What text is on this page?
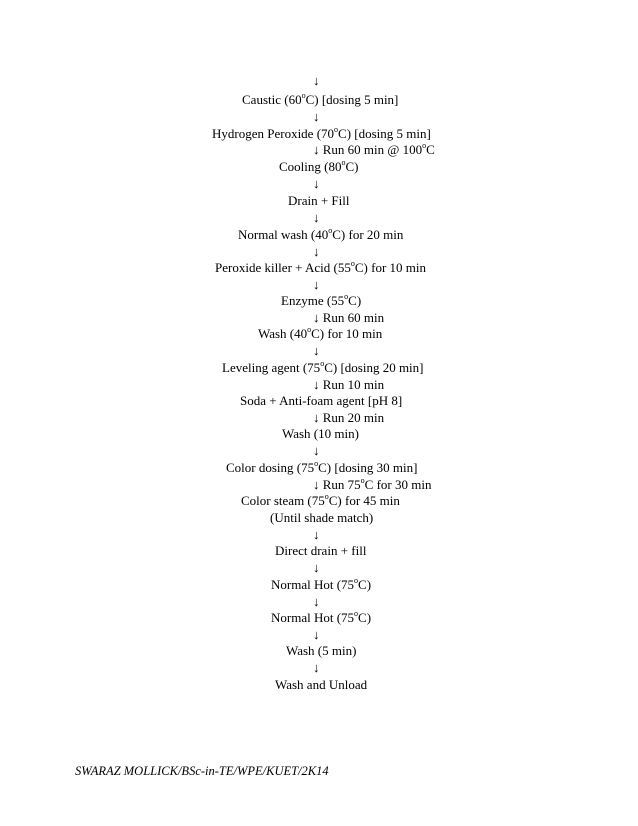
↓
Caustic (60$^o$C) [dosing 5 min]
↓
Hydrogen Peroxide (70$^o$C) [dosing 5 min]
↓ Run 60 min @ 100$^o$C
Cooling (80$^o$C)
↓
Drain + Fill
↓
Normal wash (40$^o$C) for 20 min
↓
Peroxide killer + Acid (55$^o$C) for 10 min
↓
Enzyme (55$^o$C)
↓ Run 60 min
Wash (40$^o$C) for 10 min
↓
Leveling agent (75$^o$C) [dosing 20 min]
↓ Run 10 min
Soda + Anti-foam agent [pH 8]
↓ Run 20 min
Wash (10 min)
↓
Color dosing (75$^o$C) [dosing 30 min]
↓ Run 75$^o$C for 30 min
Color steam (75$^o$C) for 45 min
(Until shade match)
↓
Direct drain + fill
↓
Normal Hot (75$^o$C)
↓
Normal Hot (75$^o$C)
↓
Wash (5 min)
↓
Wash and Unload
SWARAZ MOLLICK/BSc-in-TE/WPE/KUET/2K14
